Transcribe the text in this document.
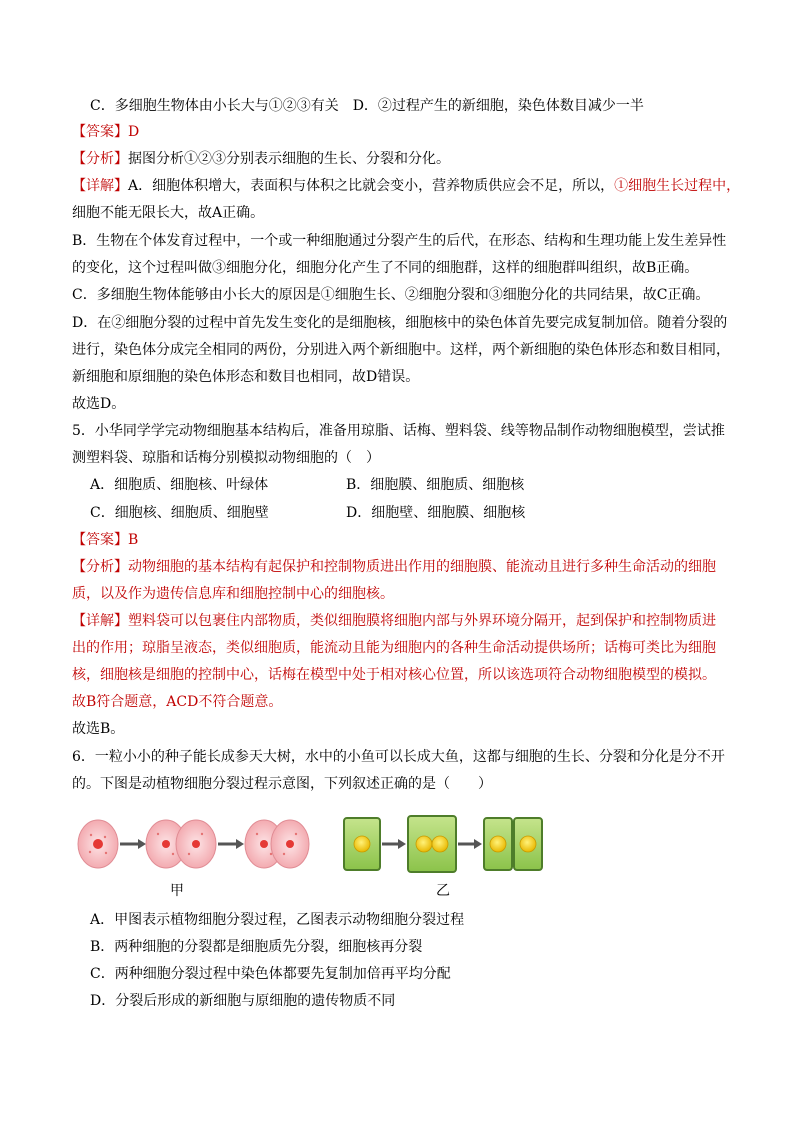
C．多细胞生物体由小长大与①②③有关　D．②过程产生的新细胞，染色体数目减少一半
【答案】D
【分析】据图分析①②③分别表示细胞的生长、分裂和分化。
【详解】A．细胞体积增大，表面积与体积之比就会变小，营养物质供应会不足，所以，①细胞生长过程中，
细胞不能无限长大，故A正确。
B．生物在个体发育过程中，一个或一种细胞通过分裂产生的后代，在形态、结构和生理功能上发生差异性
的变化，这个过程叫做③细胞分化，细胞分化产生了不同的细胞群，这样的细胞群叫组织，故B正确。
C．多细胞生物体能够由小长大的原因是①细胞生长、②细胞分裂和③细胞分化的共同结果，故C正确。
D．在②细胞分裂的过程中首先发生变化的是细胞核，细胞核中的染色体首先要完成复制加倍。随着分裂的
进行，染色体分成完全相同的两份，分别进入两个新细胞中。这样，两个新细胞的染色体形态和数目相同，
新细胞和原细胞的染色体形态和数目也相同，故D错误。
故选D。
5．小华同学学完动物细胞基本结构后，准备用琼脂、话梅、塑料袋、线等物品制作动物细胞模型，尝试推
测塑料袋、琼脂和话梅分别模拟动物细胞的（　）
A．细胞质、细胞核、叶绿体	B．细胞膜、细胞质、细胞核
C．细胞核、细胞质、细胞壁	D．细胞壁、细胞膜、细胞核
【答案】B
【分析】动物细胞的基本结构有起保护和控制物质进出作用的细胞膜、能流动且进行多种生命活动的细胞
质，以及作为遗传信息库和细胞控制中心的细胞核。
【详解】塑料袋可以包裹住内部物质，类似细胞膜将细胞内部与外界环境分隔开，起到保护和控制物质进
出的作用；琼脂呈液态，类似细胞质，能流动且能为细胞内的各种生命活动提供场所；话梅可类比为细胞
核，细胞核是细胞的控制中心，话梅在模型中处于相对核心位置，所以该选项符合动物细胞模型的模拟。
故B符合题意，ACD不符合题意。
故选B。
6．一粒小小的种子能长成参天大树，水中的小鱼可以长成大鱼，这都与细胞的生长、分裂和分化是分不开
的。下图是动植物细胞分裂过程示意图，下列叙述正确的是（　　）
甲	乙
A．甲图表示植物细胞分裂过程，乙图表示动物细胞分裂过程
B．两种细胞的分裂都是细胞质先分裂，细胞核再分裂
C．两种细胞分裂过程中染色体都要先复制加倍再平均分配
D．分裂后形成的新细胞与原细胞的遗传物质不同
